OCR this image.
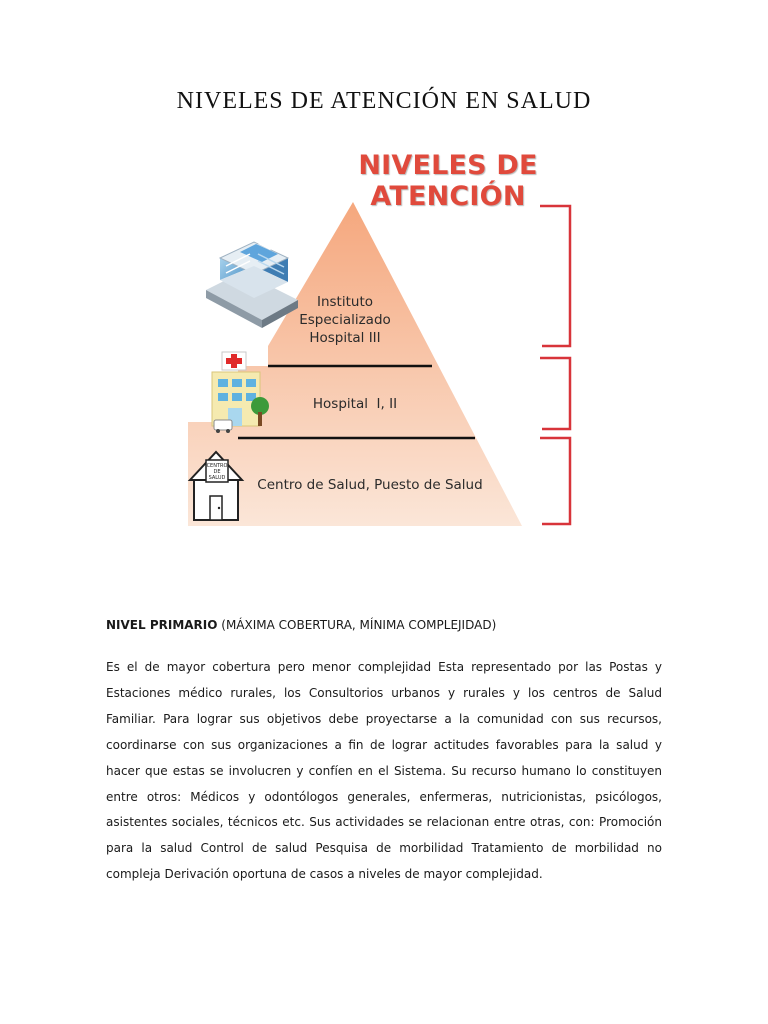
NIVELES DE ATENCIÓN EN SALUD
CENTRO
DE
SALUD
NIVELES DE ATENCIÓN
Instituto
Especializado
Hospital III
Hospital  I, II
Centro de Salud, Puesto de Salud
NIVEL PRIMARIO (MÁXIMA COBERTURA, MÍNIMA COMPLEJIDAD)
Es el de mayor cobertura pero menor complejidad Esta representado por las Postas y Estaciones médico rurales, los Consultorios urbanos y rurales y los centros de Salud Familiar. Para lograr sus objetivos debe proyectarse a la comunidad con sus recursos, coordinarse con sus organizaciones a fin de lograr actitudes favorables para la salud y hacer que estas se involucren y confíen en el Sistema. Su recurso humano lo constituyen entre otros: Médicos y odontólogos generales, enfermeras, nutricionistas, psicólogos, asistentes sociales, técnicos etc. Sus actividades se relacionan entre otras, con: Promoción para la salud Control de salud Pesquisa de morbilidad Tratamiento de morbilidad no compleja Derivación oportuna de casos a niveles de mayor complejidad.
